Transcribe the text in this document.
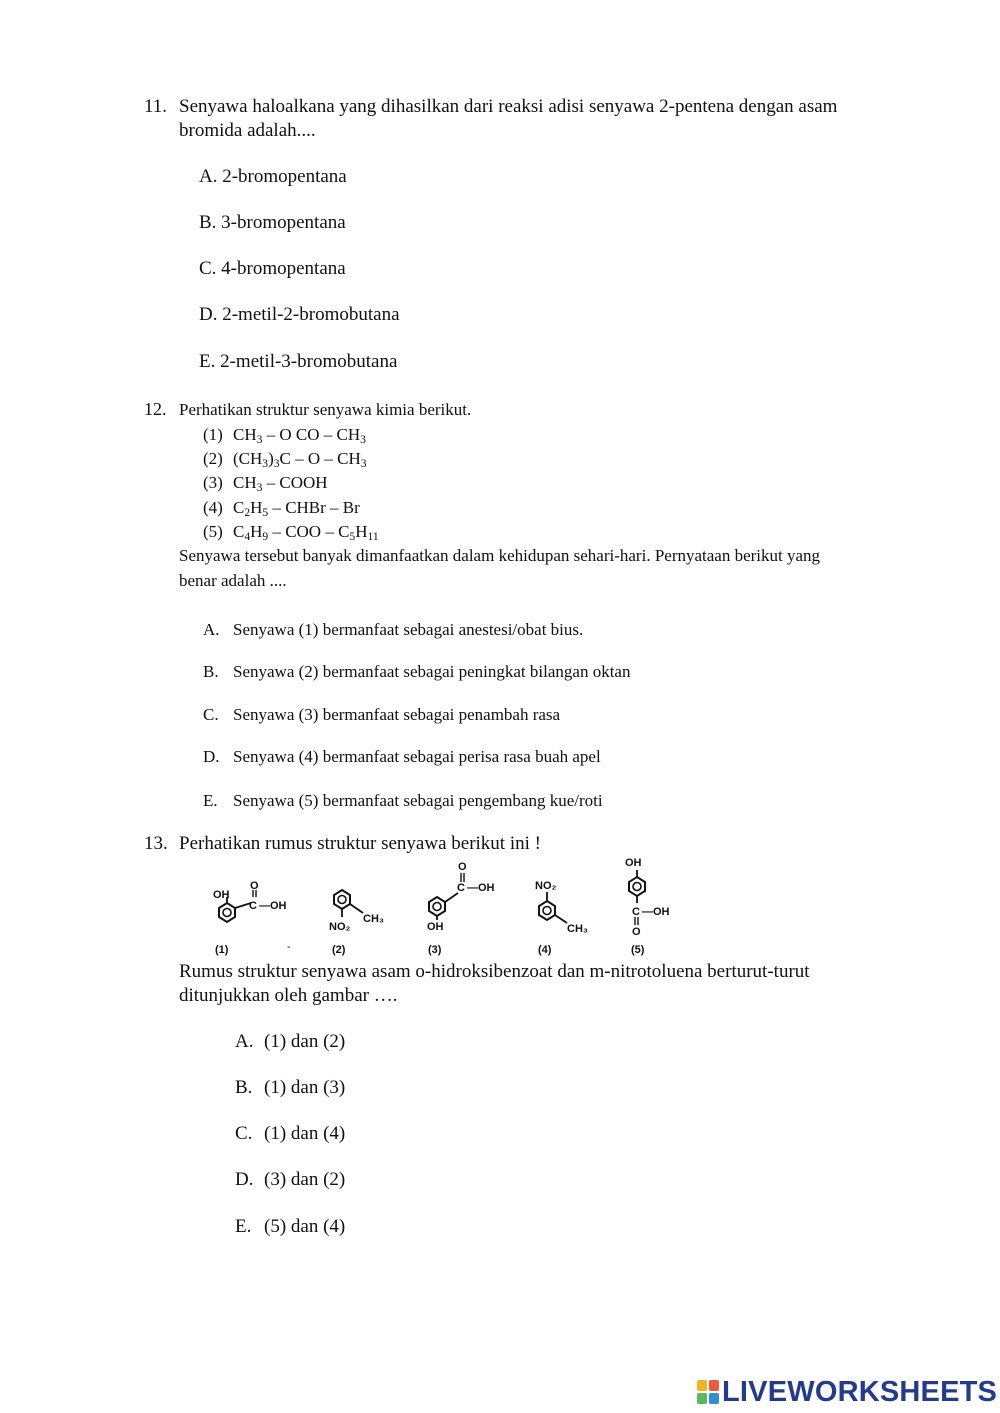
11. Senyawa haloalkana yang dihasilkan dari reaksi adisi senyawa 2-pentena dengan asam
bromida adalah....
A. 2-bromopentana
B. 3-bromopentana
C. 4-bromopentana
D. 2-metil-2-bromobutana
E. 2-metil-3-bromobutana
12. Perhatikan struktur senyawa kimia berikut.
(1) $CH_3$ – O CO – $CH_3$
(2) $(CH_3)_3C$ – O – $CH_3$
(3) $CH_3$ – COOH
(4) $C_2H_5$ – CHBr – Br
(5) $C_4H_9$ – COO – $C_5H_{11}$
Senyawa tersebut banyak dimanfaatkan dalam kehidupan sehari-hari. Pernyataan berikut yang
benar adalah ....
A. Senyawa (1) bermanfaat sebagai anestesi/obat bius.
B. Senyawa (2) bermanfaat sebagai peningkat bilangan oktan
C. Senyawa (3) bermanfaat sebagai penambah rasa
D. Senyawa (4) bermanfaat sebagai perisa rasa buah apel
E. Senyawa (5) bermanfaat sebagai pengembang kue/roti
13. Perhatikan rumus struktur senyawa berikut ini !
OH
O
C —OH
(1)	-
CH₃
NO₂
(2)
O
C —OH
OH
(3)
NO₂
CH₃
(4)
OH
C —OH
O
(5)
Rumus struktur senyawa asam o-hidroksibenzoat dan m-nitrotoluena berturut-turut
ditunjukkan oleh gambar ….
A. (1) dan (2)
B. (1) dan (3)
C. (1) dan (4)
D. (3) dan (2)
E. (5) dan (4)
LIVEWORKSHEETS
